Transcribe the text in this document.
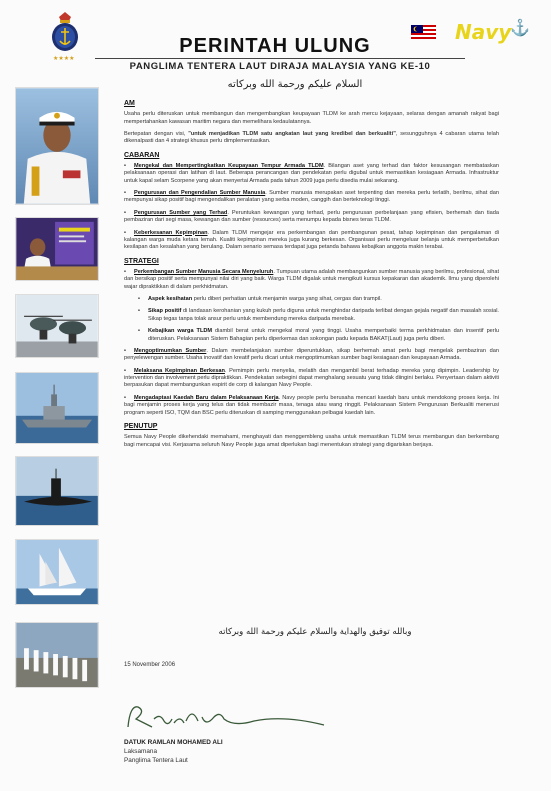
★★★★
PERINTAH ULUNG
PANGLIMA TENTERA LAUT DIRAJA MALAYSIA YANG KE-10
Navy
⚓
السلام عليكم ورحمة الله وبركاته
AM

Usaha perlu diteruskan untuk membangun dan mengembangkan keupayaan TLDM ke arah mercu kejayaan, selaras dengan amanah rakyat bagi mempertahankan kawasan maritim negara dan memelihara kedaulatannya.

Bertepatan dengan visi, "untuk menjadikan TLDM satu angkatan laut yang kredibel dan berkualiti", sesungguhnya 4 cabaran utama telah dikenalpasti dan 4 strategi khusus perlu dimplementasikan.

CABARAN
• Mengekal dan Mempertingkatkan Keupayaan Tempur Armada TLDM. Bilangan aset yang terhad dan faktor kesusangan membataskan pelaksanaan operasi dan latihan di laut. Beberapa perancangan dan pendekatan perlu digubal untuk memastikan kesiagaan Armada. Infrastruktur untuk kapal selam Scorpene yang akan menyertai Armada pada tahun 2009 juga perlu disedia mulai sekarang.
• Pengurusan dan Pengendalian Sumber Manusia. Sumber manusia merupakan aset terpenting dan mereka perlu terlatih, berilmu, sihat dan mempunyai sikap positif bagi mengendalikan peralatan yang serba moden, canggih dan berteknologi tinggi.
• Pengurusan Sumber yang Terhad. Peruntukan kewangan yang terhad, perlu pengurusan perbelanjaan yang efisien, berhemah dan tiada pembaziran dari segi masa, kewangan dan sumber (resources) serta menumpu kepada bisnes teras TLDM.
• Keberkesanan Kepimpinan. Dalam TLDM mengejar era perkembangan dan pembangunan pesat, tahap kepimpinan dan pengalaman di kalangan warga muda ketara lemah. Kualiti kepimpinan mereka juga kurang berkesan. Organisasi perlu mengeluar belanja untuk memperbetulkan kesilapan dan kesalahan yang berulang. Dalam senario semasa terdapat juga petanda bahawa kebajikan anggota makin terabai.
STRATEGI
• Perkembangan Sumber Manusia Secara Menyeluruh. Tumpuan utama adalah membangunkan sumber manusia yang berilmu, profesional, sihat dan bersikap positif serta mempunyai nilai diri yang baik. Warga TLDM digalak untuk mengikuti kursus kepakaran dan akademik. Ilmu yang diperolehi wajar dipraktikkan di dalam perkhidmatan.
• Aspek kesihatan perlu diberi perhatian untuk menjamin warga yang sihat, cergas dan trampil.
• Sikap positif di landasan kerohanian yang kukuh perlu diguna untuk menghindar daripada terlibat dengan gejala negatif dan masalah sosial. Sikap tegas tanpa tolak ansur perlu untuk membendung mereka daripada merebak.
• Kebajikan warga TLDM diambil berat untuk mengekal moral yang tinggi. Usaha memperbaiki terma perkhidmatan dan insentif perlu diteruskan. Pelaksanaan Sistem Bahagian perlu diperkemas dan sokongan padu kepada BAKAT(Laut) juga perlu diberi.
• Mengoptimumkan Sumber. Dalam membelanjakan sumber diperuntukkan, sikap berhemah amat perlu bagi mengelak pembaziran dan penyelewengan sumber. Usaha inovatif dan kreatif perlu dicari untuk mengoptimumkan sumber bagi kesiagaan dan keupayaan Armada.
• Melaksana Kepimpinan Berkesan. Pemimpin perlu menyelia, melatih dan mengambil berat terhadap mereka yang dipimpin. Leadership by intervention dan involvement perlu dipraktikkan. Pendekatan sebegini dapat menghalang sesuatu yang tidak diingini berlaku. Penyertaan dalam aktiviti berpasukan dapat membangunkan espirit de corp di kalangan Navy People.
• Mengadaptasi Kaedah Baru dalam Pelaksanaan Kerja. Navy people perlu berusaha mencari kaedah baru untuk mendokong proses kerja. Ini bagi menjamin proses kerja yang telus dan tidak membazir masa, tenaga atau wang ringgit. Pelaksanaan Sistem Pengurusan Berkualiti menerusi program seperti ISO, TQM dan BSC perlu diteruskan di samping menggunakan pelbagai kaedah lain.
PENUTUP

Semua Navy People dikehendaki memahami, menghayati dan menggembleng usaha untuk memastikan TLDM terus membangun dan berkembang bagi mencapai visi. Kerjasama seluruh Navy People juga amat diperlukan bagi menentukan strategi yang digariskan berjaya.

وبالله توفيق والهداية والسلام عليكم ورحمة الله وبركاته
15 November 2006
DATUK RAMLAN MOHAMED ALI
Laksamana
Panglima Tentera Laut
